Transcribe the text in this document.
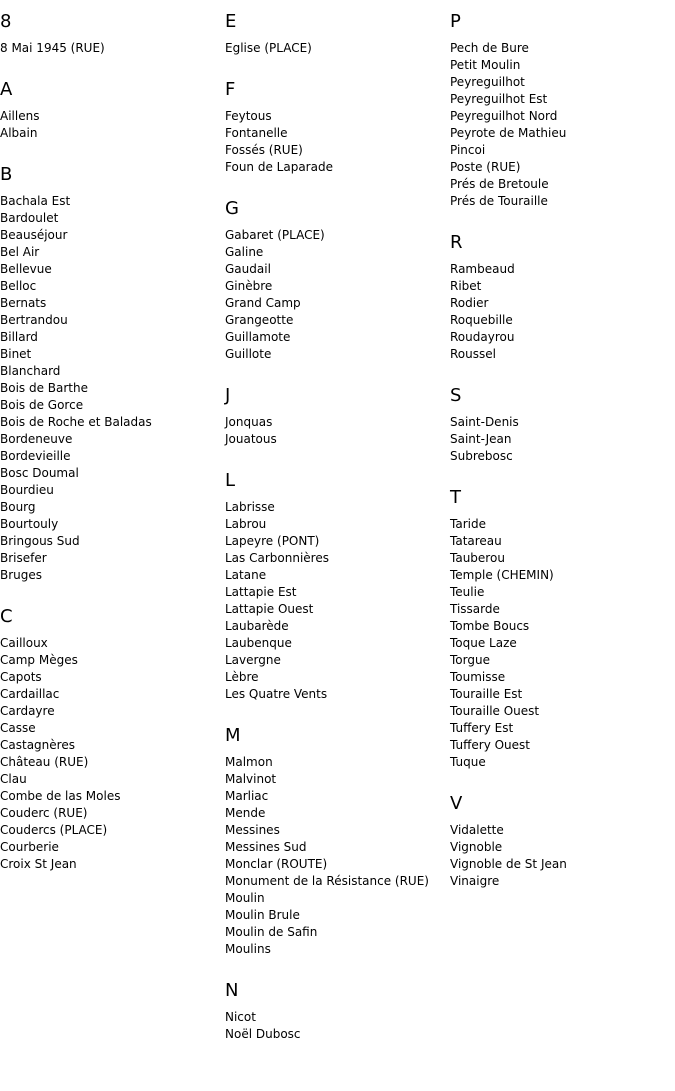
8
8 Mai 1945 (RUE)
A
Aillens
Albain
B
Bachala Est
Bardoulet
Beauséjour
Bel Air
Bellevue
Belloc
Bernats
Bertrandou
Billard
Binet
Blanchard
Bois de Barthe
Bois de Gorce
Bois de Roche et Baladas
Bordeneuve
Bordevieille
Bosc Doumal
Bourdieu
Bourg
Bourtouly
Bringous Sud
Brisefer
Bruges
C
Cailloux
Camp Mèges
Capots
Cardaillac
Cardayre
Casse
Castagnères
Château (RUE)
Clau
Combe de las Moles
Couderc (RUE)
Coudercs (PLACE)
Courberie
Croix St Jean
E
Eglise (PLACE)
F
Feytous
Fontanelle
Fossés (RUE)
Foun de Laparade
G
Gabaret (PLACE)
Galine
Gaudail
Ginèbre
Grand Camp
Grangeotte
Guillamote
Guillote
J
Jonquas
Jouatous
L
Labrisse
Labrou
Lapeyre (PONT)
Las Carbonnières
Latane
Lattapie Est
Lattapie Ouest
Laubarède
Laubenque
Lavergne
Lèbre
Les Quatre Vents
M
Malmon
Malvinot
Marliac
Mende
Messines
Messines Sud
Monclar (ROUTE)
Monument de la Résistance (RUE)
Moulin
Moulin Brule
Moulin de Safin
Moulins
N
Nicot
Noël Dubosc
P
Pech de Bure
Petit Moulin
Peyreguilhot
Peyreguilhot Est
Peyreguilhot Nord
Peyrote de Mathieu
Pincoi
Poste (RUE)
Prés de Bretoule
Prés de Touraille
R
Rambeaud
Ribet
Rodier
Roquebille
Roudayrou
Roussel
S
Saint-Denis
Saint-Jean
Subrebosc
T
Taride
Tatareau
Tauberou
Temple (CHEMIN)
Teulie
Tissarde
Tombe Boucs
Toque Laze
Torgue
Toumisse
Touraille Est
Touraille Ouest
Tuffery Est
Tuffery Ouest
Tuque
V
Vidalette
Vignoble
Vignoble de St Jean
Vinaigre
